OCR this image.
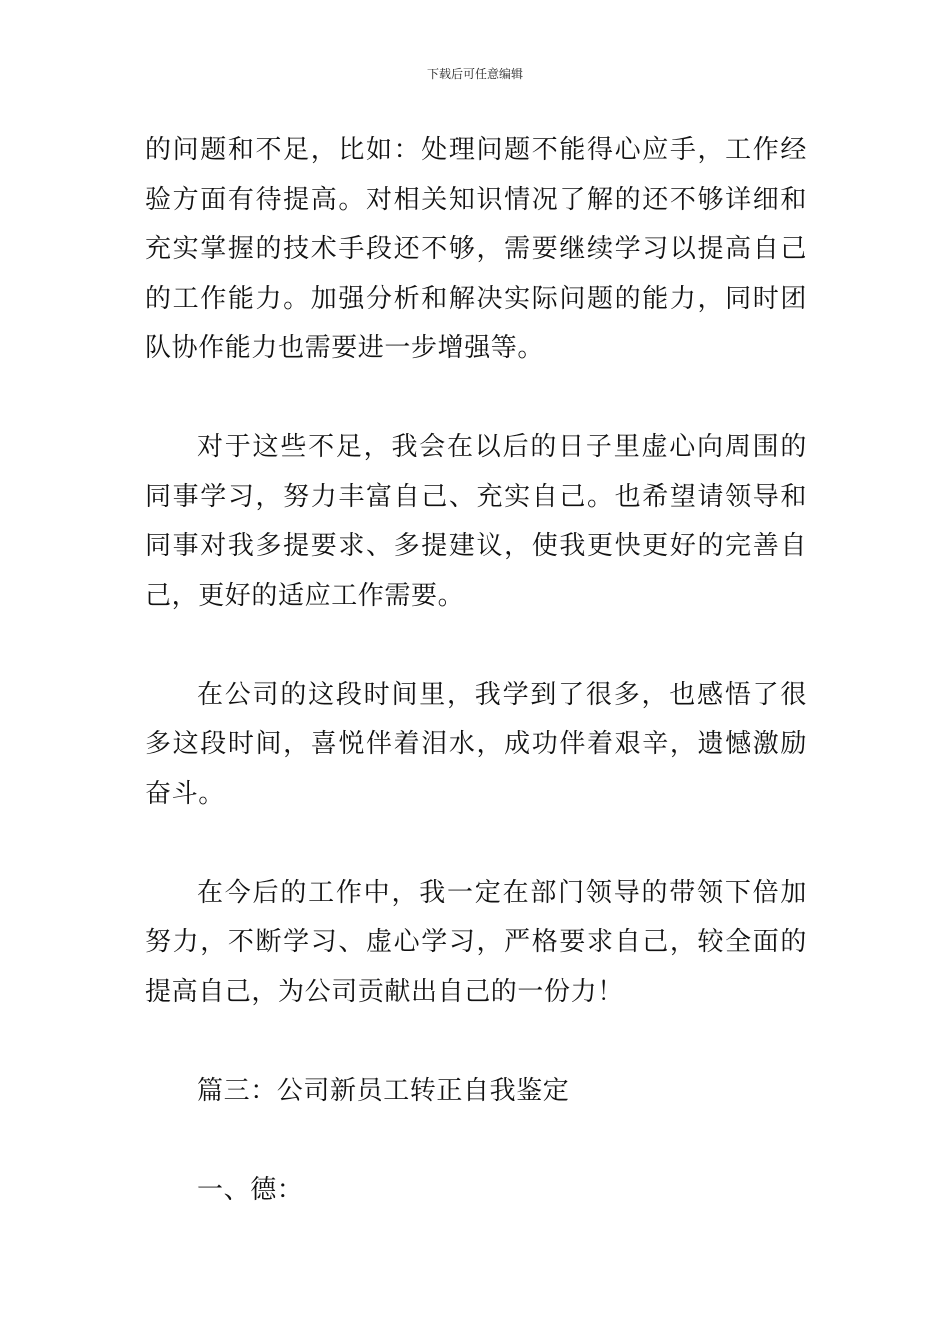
下载后可任意编辑

的问题和不足，比如：处理问题不能得心应手，工作经验方面有待提高。对相关知识情况了解的还不够详细和充实掌握的技术手段还不够，需要继续学习以提高自己的工作能力。加强分析和解决实际问题的能力，同时团队协作能力也需要进一步增强等。

对于这些不足，我会在以后的日子里虚心向周围的同事学习，努力丰富自己、充实自己。也希望请领导和同事对我多提要求、多提建议，使我更快更好的完善自己，更好的适应工作需要。

在公司的这段时间里，我学到了很多，也感悟了很多这段时间，喜悦伴着泪水，成功伴着艰辛，遗憾激励奋斗。

在今后的工作中，我一定在部门领导的带领下倍加努力，不断学习、虚心学习，严格要求自己，较全面的提高自己，为公司贡献出自己的一份力！

篇三：公司新员工转正自我鉴定

一、德：
